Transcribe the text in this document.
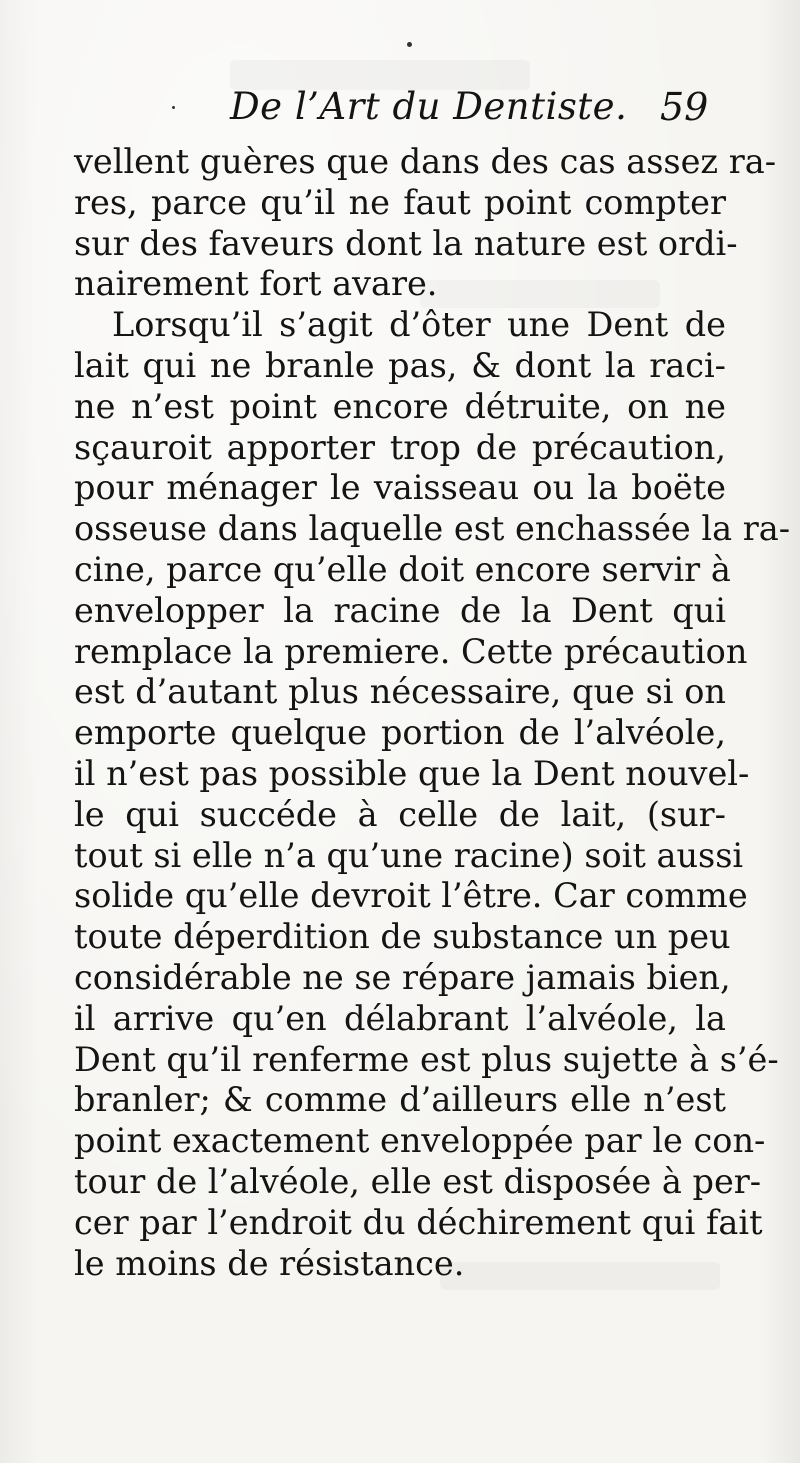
De l’Art du Dentiste. 59
vellent guères que dans des cas assez ra-
res, parce qu’il ne faut point compter
sur des faveurs dont la nature est ordi-
nairement fort avare.
Lorsqu’il s’agit d’ôter une Dent de
lait qui ne branle pas, & dont la raci-
ne n’est point encore détruite, on ne
sçauroit apporter trop de précaution,
pour ménager le vaisseau ou la boëte
osseuse dans laquelle est enchassée la ra-
cine, parce qu’elle doit encore servir à
envelopper la racine de la Dent qui
remplace la premiere. Cette précaution
est d’autant plus nécessaire, que si on
emporte quelque portion de l’alvéole,
il n’est pas possible que la Dent nouvel-
le qui succéde à celle de lait, (sur-
tout si elle n’a qu’une racine) soit aussi
solide qu’elle devroit l’être. Car comme
toute déperdition de substance un peu
considérable ne se répare jamais bien,
il arrive qu’en délabrant l’alvéole, la
Dent qu’il renferme est plus sujette à s’é-
branler; & comme d’ailleurs elle n’est
point exactement enveloppée par le con-
tour de l’alvéole, elle est disposée à per-
cer par l’endroit du déchirement qui fait
le moins de résistance.
